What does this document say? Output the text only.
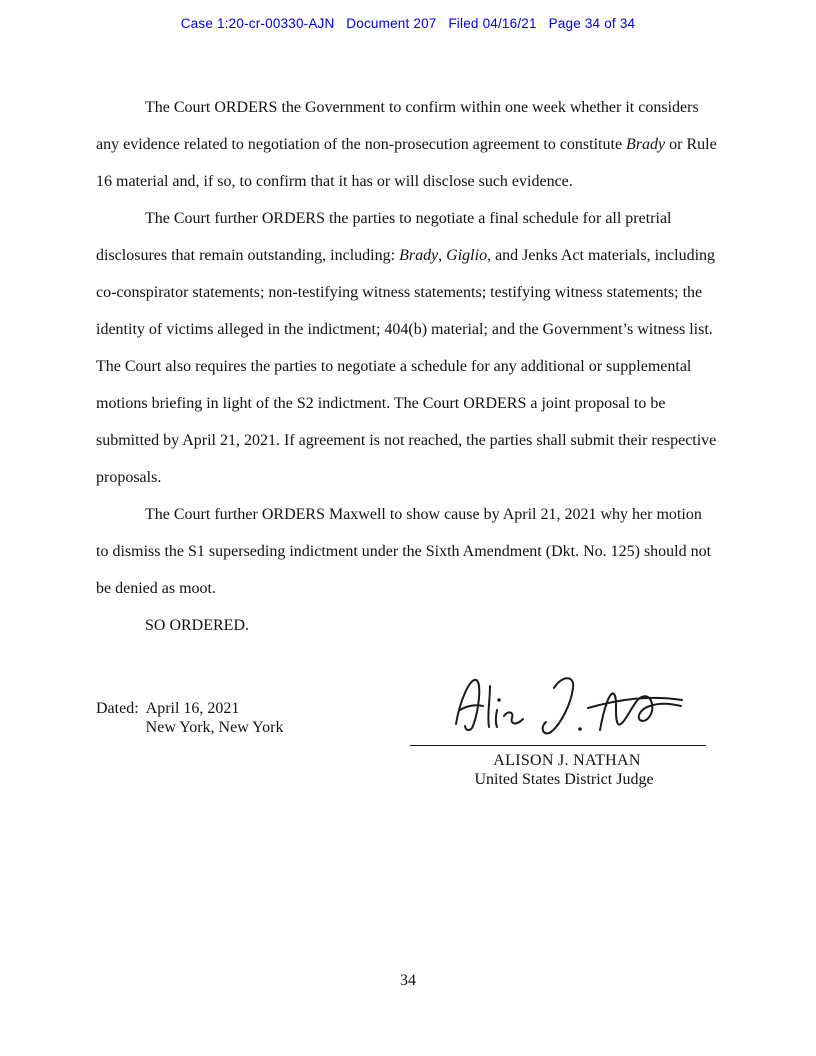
Case 1:20-cr-00330-AJN   Document 207   Filed 04/16/21   Page 34 of 34

The Court ORDERS the Government to confirm within one week whether it considers any evidence related to negotiation of the non-prosecution agreement to constitute Brady or Rule 16 material and, if so, to confirm that it has or will disclose such evidence.

The Court further ORDERS the parties to negotiate a final schedule for all pretrial disclosures that remain outstanding, including: Brady, Giglio, and Jenks Act materials, including co-conspirator statements; non-testifying witness statements; testifying witness statements; the identity of victims alleged in the indictment; 404(b) material; and the Government’s witness list. The Court also requires the parties to negotiate a schedule for any additional or supplemental motions briefing in light of the S2 indictment. The Court ORDERS a joint proposal to be submitted by April 21, 2021. If agreement is not reached, the parties shall submit their respective proposals.

The Court further ORDERS Maxwell to show cause by April 21, 2021 why her motion to dismiss the S1 superseding indictment under the Sixth Amendment (Dkt. No. 125) should not be denied as moot.

SO ORDERED.

Dated: April 16, 2021
New York, New York
ALISON J. NATHAN
United States District Judge
34
